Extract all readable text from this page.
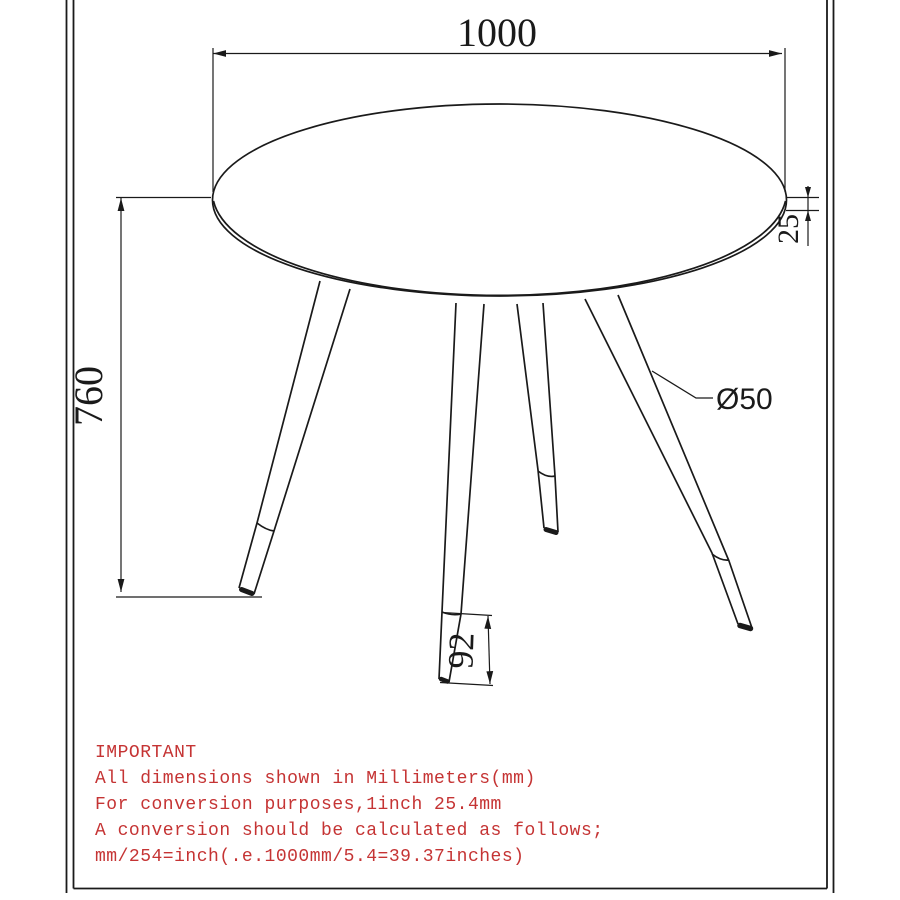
1000
760
25
92
Ø50
IMPORTANT
All dimensions shown in Millimeters(mm)
For conversion purposes,1inch 25.4mm
A conversion should be calculated as follows;
mm/254=inch(.e.1000mm/5.4=39.37inches)
